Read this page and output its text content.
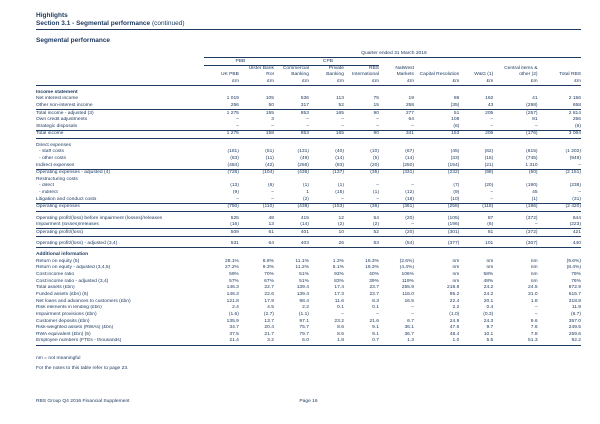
Highlights
Section 3.1 - Segmental performance (continued)
Segmental performance
	Quarter ended 31 March 2016									
	PBB		CPB							
	UK PBB	Ulster Bank RoI	Commercial Banking	Private Banking	RBS International	NatWest Markets	Capital Resolution	W&G (1)	Central items & other (2)	Total RBS
	£m	£m	£m	£m	£m	£m	£m	£m	£m	£m
Income statement										
Net interest income	1 019	105	536	113	75	19	86	162	41	2 156
Other non-interest income	256	50	317	52	15	258	(35)	43	(298)	658
Total income - adjusted (3)	1 275	155	853	165	90	277	51	205	(257)	2 814
Own credit adjustments	–	3	–	–	–	64	108	–	81	256
Strategic disposals	–	–	–	–	–	–	(6)	–	–	(6)
Total income	1 275	158	853	165	90	341	153	205	(176)	3 064
Direct expenses										
- staff costs	(181)	(51)	(131)	(40)	(10)	(67)	(45)	(62)	(615)	(1 202)
- other costs	(63)	(11)	(49)	(14)	(5)	(14)	(33)	(15)	(745)	(949)
Indirect expenses	(484)	(42)	(256)	(83)	(20)	(250)	(154)	(21)	1 310	–
Operating expenses - adjusted (4)	(728)	(104)	(436)	(137)	(35)	(331)	(232)	(98)	(50)	(2 151)
Restructuring costs										
- direct	(13)	(6)	(1)	(1)	–	–	(7)	(20)	(190)	(238)
- indirect	(9)	–	1	(15)	(1)	(12)	(9)	–	45	–
Litigation and conduct costs	–	–	(2)	–	–	(18)	(10)	–	(1)	(31)
Operating expenses	(750)	(110)	(438)	(153)	(36)	(361)	(258)	(118)	(196)	(2 420)
Operating profit/(loss) before impairment (losses)/releases	525	48	415	12	54	(20)	(105)	87	(372)	644
Impairment (losses)/releases	(16)	13	(14)	(2)	(2)	–	(196)	(6)	–	(223)
Operating profit/(loss)	509	61	401	10	52	(20)	(301)	81	(372)	421
Operating profit/(loss) - adjusted (3,4)	531	64	403	26	53	(54)	(377)	101	(307)	440
Additional information										
Return on equity (5)	28.1%	8.8%	11.1%	1.3%	16.3%	(2.6%)	nm	nm	nm	(9.6%)
Return on equity - adjusted (3,4,5)	27.2%	9.3%	11.2%	5.1%	16.3%	(4.4%)	nm	nm	nm	(8.4%)
Cost:income ratio	59%	70%	51%	93%	40%	106%	nm	58%	nm	79%
Cost:income ratio - adjusted (3,4)	57%	67%	51%	83%	39%	119%	nm	48%	nm	76%
Total assets (£bn)	146.3	22.7	139.4	17.4	23.7	255.9	218.8	24.2	24.5	872.9
Funded assets (£bn) (6)	146.3	22.6	139.4	17.3	23.7	116.0	95.2	24.2	31.0	615.7
Net loans and advances to customers (£bn)	121.8	17.9	98.4	11.6	8.3	16.5	22.4	20.1	1.8	318.8
Risk elements in lending (£bn)	2.4	4.5	2.2	0.1	0.1	–	2.2	0.4	–	11.9
Impairment provisions (£bn)	(1.6)	(2.7)	(1.1)	–	–	–	(1.0)	(0.3)	–	(6.7)
Customer deposits (£bn)	135.9	13.7	97.1	23.2	21.6	6.7	24.9	24.3	9.6	357.0
Risk-weighted assets (RWAs) (£bn)	34.7	20.4	75.7	8.6	9.1	36.1	47.6	9.7	7.6	249.5
RWA equivalent (£bn) (5)	37.5	21.7	79.7	8.6	9.1	36.7	48.4	10.1	7.8	259.6
Employee numbers (FTEs - thousands)	21.4	3.2	6.0	1.8	0.7	1.3	1.0	5.5	51.3	92.2
nm = not meaningful
For the notes to this table refer to page 23.
RBS Group Q4 2016 Financial Supplement	Page 16
